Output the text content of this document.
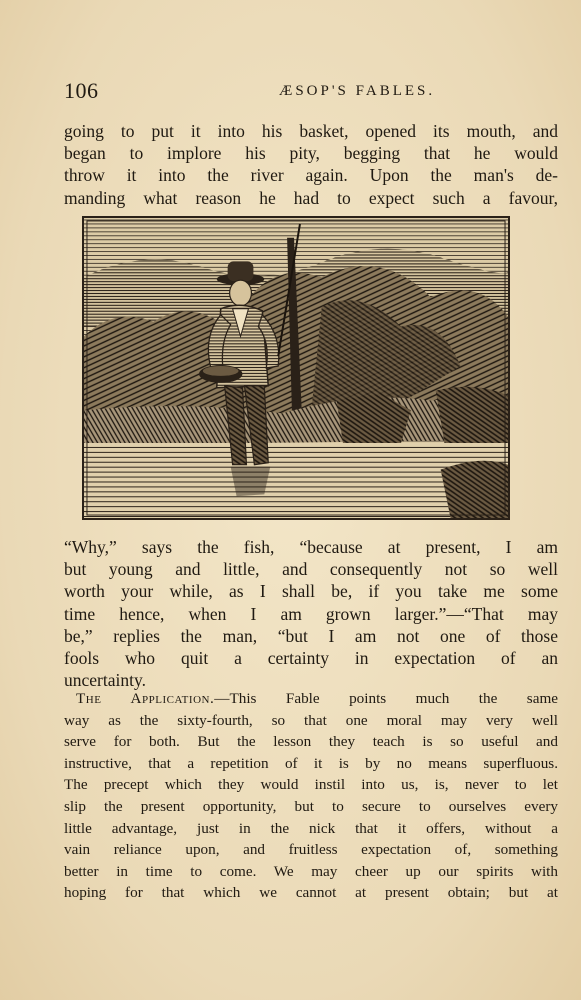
106	ÆSOP'S FABLES.
going to put it into his basket, opened its mouth, and
began to implore his pity, begging that he would
throw it into the river again. Upon the man's de-
manding what reason he had to expect such a favour,
“Why,” says the fish, “because at present, I am
but young and little, and consequently not so well
worth your while, as I shall be, if you take me some
time hence, when I am grown larger.”—“That may
be,” replies the man, “but I am not one of those
fools who quit a certainty in expectation of an
uncertainty.
The Application.—This Fable points much the same
way as the sixty-fourth, so that one moral may very well
serve for both. But the lesson they teach is so useful and
instructive, that a repetition of it is by no means superfluous.
The precept which they would instil into us, is, never to let
slip the present opportunity, but to secure to ourselves every
little advantage, just in the nick that it offers, without a
vain reliance upon, and fruitless expectation of, something
better in time to come. We may cheer up our spirits with
hoping for that which we cannot at present obtain; but at
